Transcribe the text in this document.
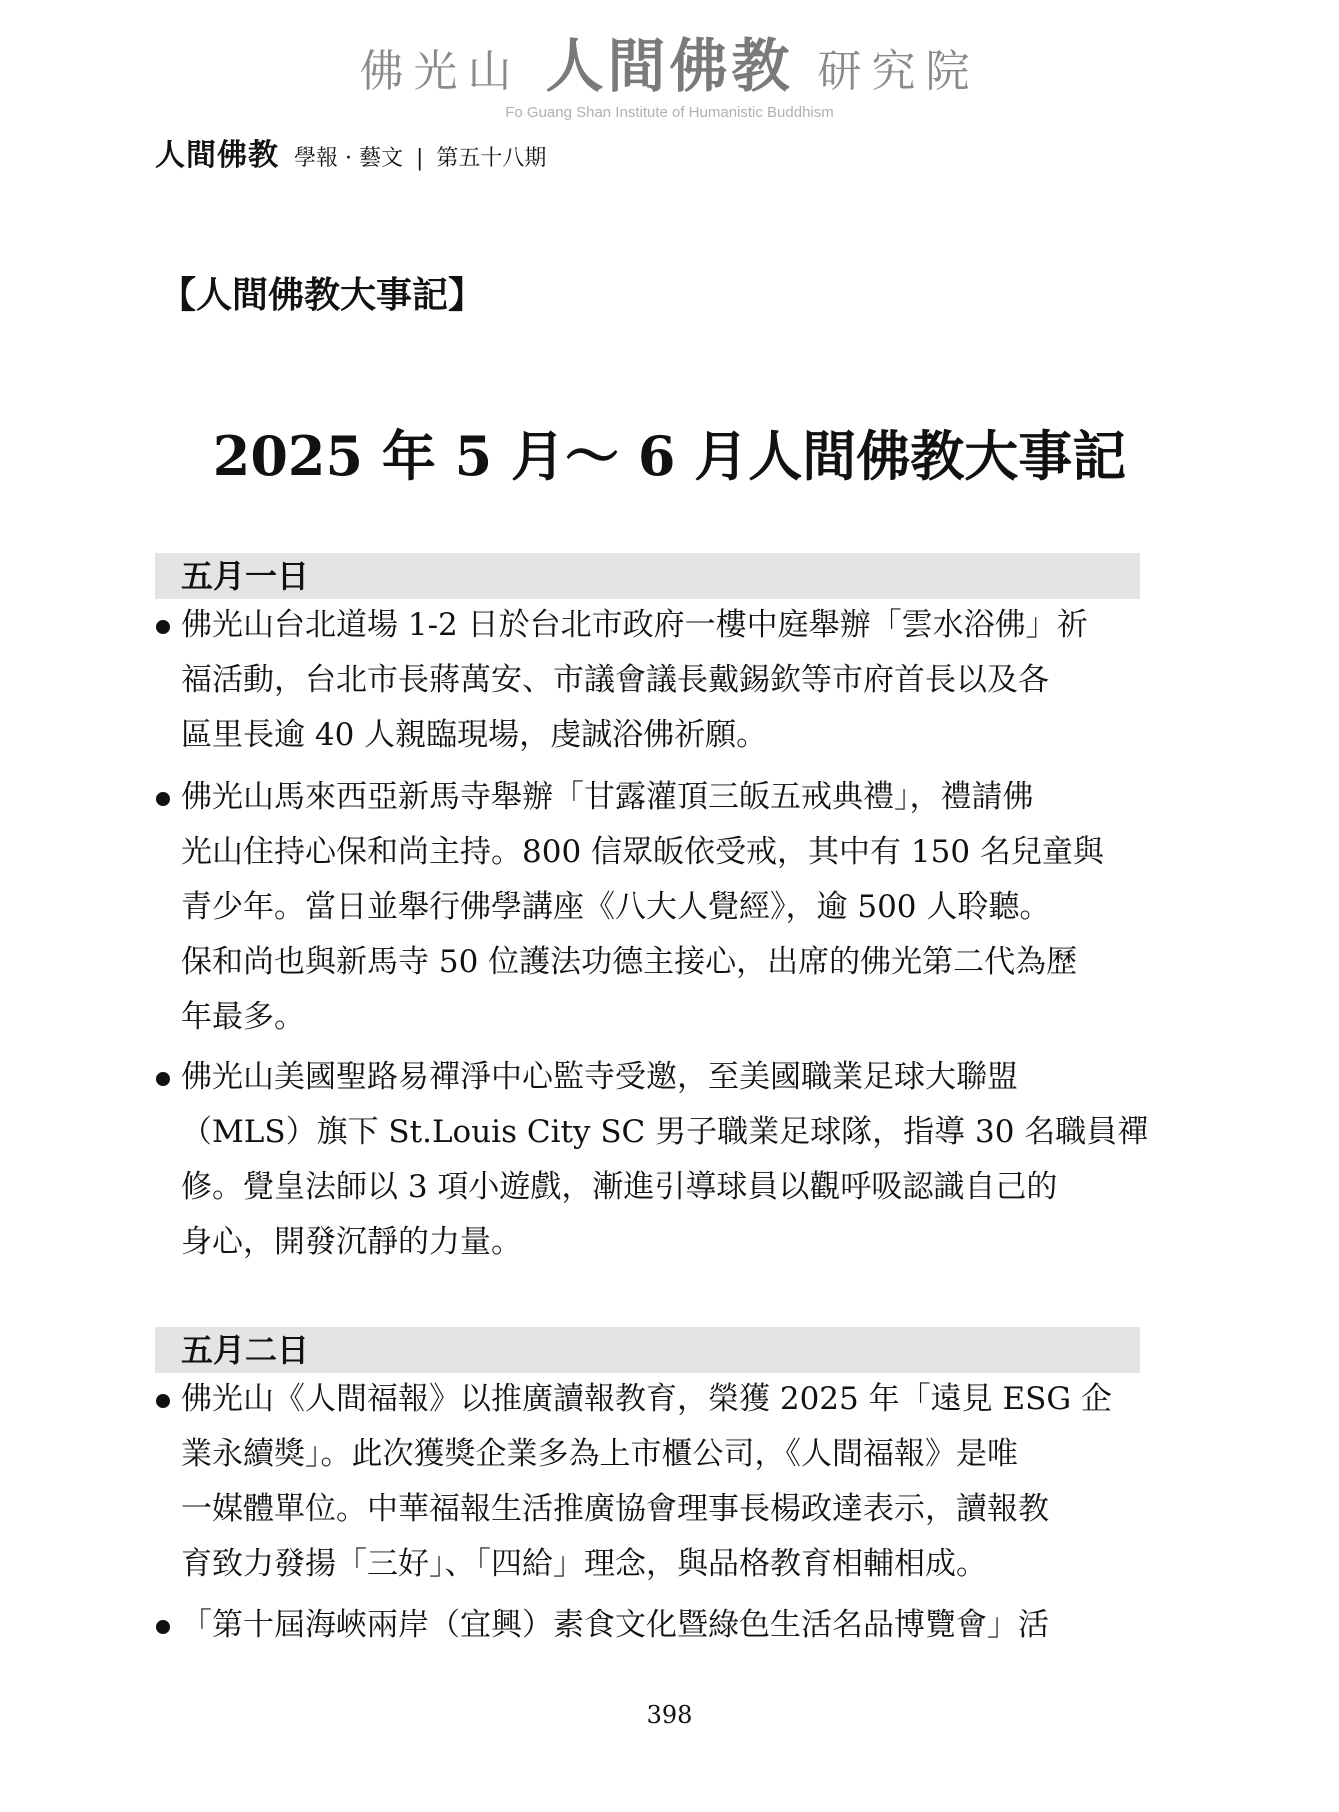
佛光山 人間佛教 研究院
Fo Guang Shan Institute of Humanistic Buddhism
人間佛教 學報 · 藝文 | 第五十八期
【人間佛教大事記】
2025 年 5 月～ 6 月人間佛教大事記
五月一日
佛光山台北道場 1-2 日於台北市政府一樓中庭舉辦「雲水浴佛」祈
福活動，台北市長蔣萬安、市議會議長戴錫欽等市府首長以及各
區里長逾 40 人親臨現場，虔誠浴佛祈願。
佛光山馬來西亞新馬寺舉辦「甘露灌頂三皈五戒典禮」，禮請佛
光山住持心保和尚主持。800 信眾皈依受戒，其中有 150 名兒童與
青少年。當日並舉行佛學講座《八大人覺經》，逾 500 人聆聽。
保和尚也與新馬寺 50 位護法功德主接心，出席的佛光第二代為歷
年最多。
佛光山美國聖路易禪淨中心監寺受邀，至美國職業足球大聯盟
（MLS）旗下 St.Louis City SC 男子職業足球隊，指導 30 名職員禪
修。覺皇法師以 3 項小遊戲，漸進引導球員以觀呼吸認識自己的
身心，開發沉靜的力量。
五月二日
佛光山《人間福報》以推廣讀報教育，榮獲 2025 年「遠見 ESG 企
業永續獎」。此次獲獎企業多為上市櫃公司，《人間福報》是唯
一媒體單位。中華福報生活推廣協會理事長楊政達表示，讀報教
育致力發揚「三好」、「四給」理念，與品格教育相輔相成。
「第十屆海峽兩岸（宜興）素食文化暨綠色生活名品博覽會」活
398
